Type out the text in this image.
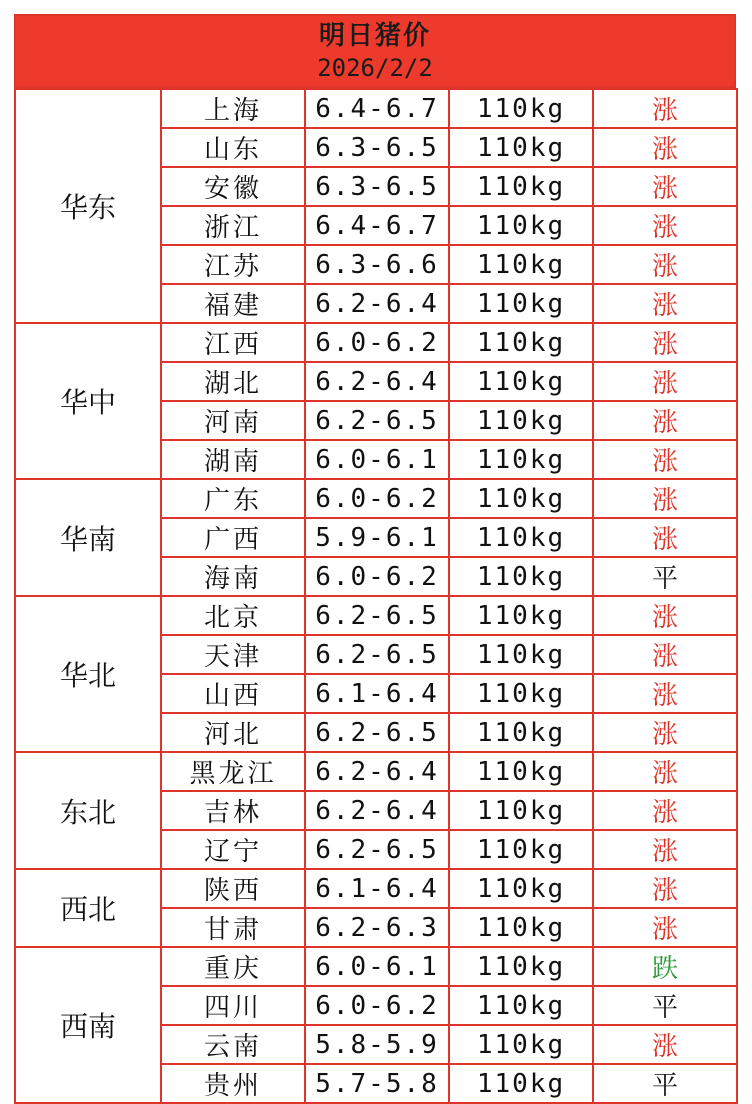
明日猪价
2026/2/2
华东	上海	6.4-6.7	110kg	涨
	山东	6.3-6.5	110kg	涨
	安徽	6.3-6.5	110kg	涨
	浙江	6.4-6.7	110kg	涨
	江苏	6.3-6.6	110kg	涨
	福建	6.2-6.4	110kg	涨
华中	江西	6.0-6.2	110kg	涨
	湖北	6.2-6.4	110kg	涨
	河南	6.2-6.5	110kg	涨
	湖南	6.0-6.1	110kg	涨
华南	广东	6.0-6.2	110kg	涨
	广西	5.9-6.1	110kg	涨
	海南	6.0-6.2	110kg	平
华北	北京	6.2-6.5	110kg	涨
	天津	6.2-6.5	110kg	涨
	山西	6.1-6.4	110kg	涨
	河北	6.2-6.5	110kg	涨
东北	黑龙江	6.2-6.4	110kg	涨
	吉林	6.2-6.4	110kg	涨
	辽宁	6.2-6.5	110kg	涨
西北	陕西	6.1-6.4	110kg	涨
	甘肃	6.2-6.3	110kg	涨
西南	重庆	6.0-6.1	110kg	跌
	四川	6.0-6.2	110kg	平
	云南	5.8-5.9	110kg	涨
	贵州	5.7-5.8	110kg	平
